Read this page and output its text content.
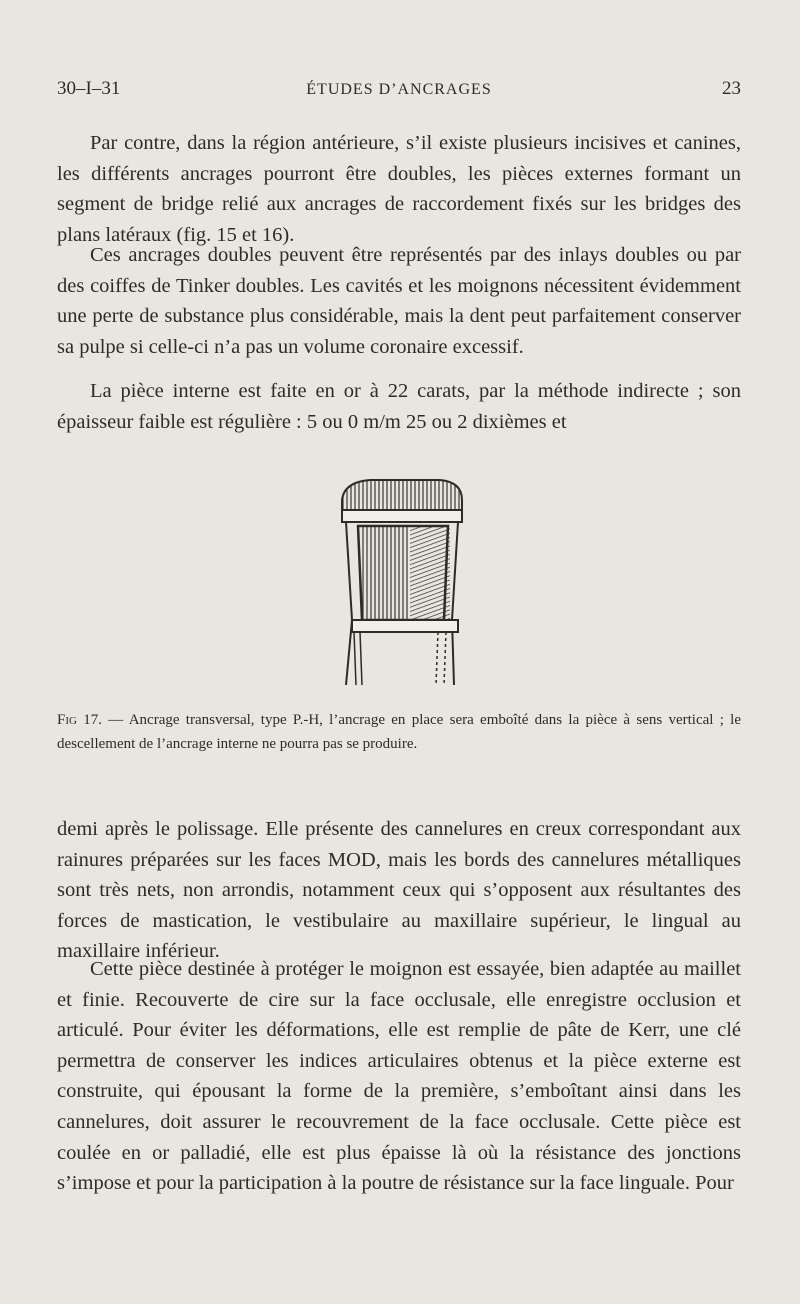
30–I–31	ÉTUDES D’ANCRAGES	23

Par contre, dans la région antérieure, s’il existe plusieurs incisives et canines, les différents ancrages pourront être doubles, les pièces externes formant un segment de bridge relié aux ancrages de raccordement fixés sur les bridges des plans latéraux (fig. 15 et 16).

Ces ancrages doubles peuvent être représentés par des inlays doubles ou par des coiffes de Tinker doubles. Les cavités et les moignons nécessitent évidemment une perte de substance plus considérable, mais la dent peut parfaitement conserver sa pulpe si celle-ci n’a pas un volume coronaire excessif.

La pièce interne est faite en or à 22 carats, par la méthode indirecte ; son épaisseur faible est régulière : 5 ou 0 m/m 25 ou 2 dixièmes et

Fig 17. — Ancrage transversal, type P.-H, l’ancrage en place sera emboîté dans la pièce à sens vertical ; le descellement de l’ancrage interne ne pourra pas se produire.

demi après le polissage. Elle présente des cannelures en creux correspondant aux rainures préparées sur les faces MOD, mais les bords des cannelures métalliques sont très nets, non arrondis, notamment ceux qui s’opposent aux résultantes des forces de mastication, le vestibulaire au maxillaire supérieur, le lingual au maxillaire inférieur.

Cette pièce destinée à protéger le moignon est essayée, bien adaptée au maillet et finie. Recouverte de cire sur la face occlusale, elle enregistre occlusion et articulé. Pour éviter les déformations, elle est remplie de pâte de Kerr, une clé permettra de conserver les indices articulaires obtenus et la pièce externe est construite, qui épousant la forme de la première, s’emboîtant ainsi dans les cannelures, doit assurer le recouvrement de la face occlusale. Cette pièce est coulée en or palladié, elle est plus épaisse là où la résistance des jonctions s’impose et pour la participation à la poutre de résistance sur la face linguale. Pour
